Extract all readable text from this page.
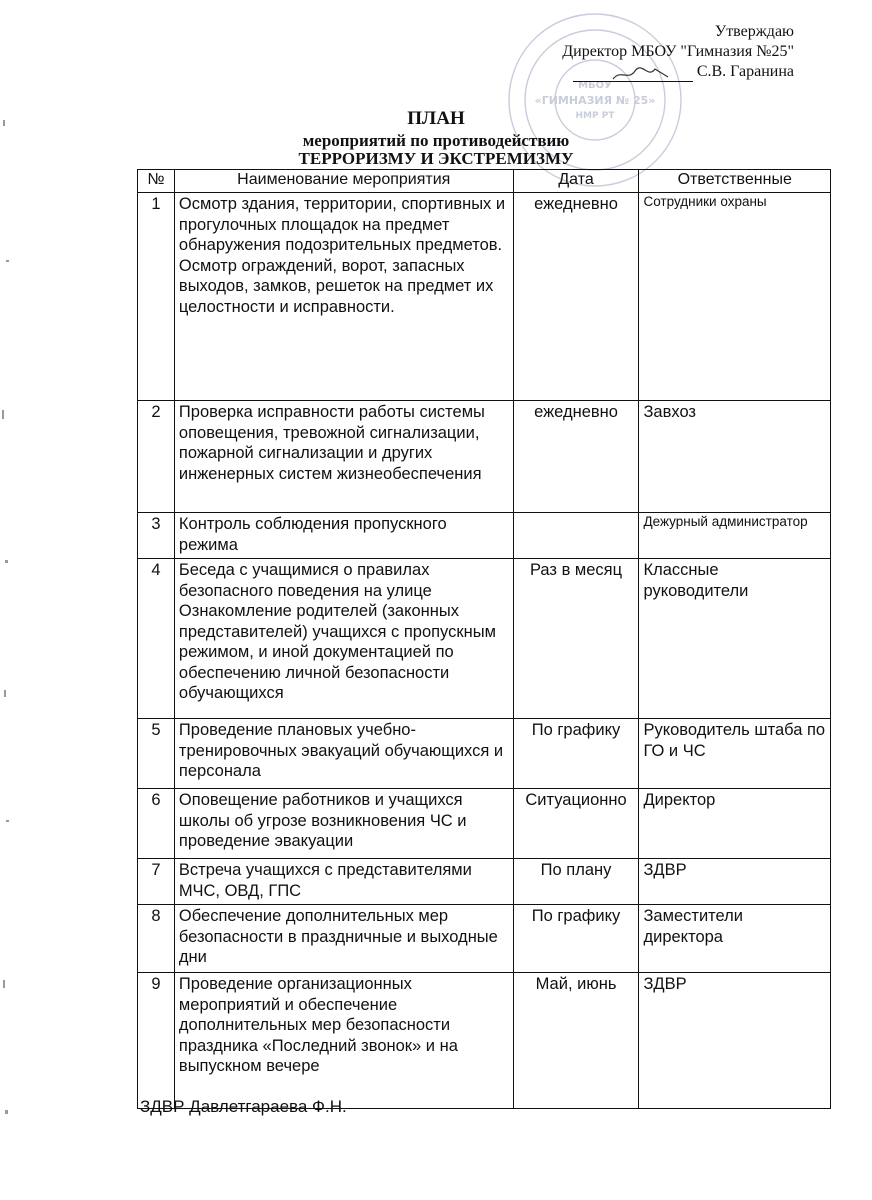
МБОУ
«ГИМНАЗИЯ № 25»
НМР РТ
Утверждаю
Директор МБОУ "Гимназия №25"
С.В. Гаранина
ПЛАН
мероприятий по противодействию
ТЕРРОРИЗМУ И ЭКСТРЕМИЗМУ
№	Наименование мероприятия	Дата	Ответственные
1	Осмотр здания, территории, спортивных и прогулочных площадок на предмет обнаружения подозрительных предметов. Осмотр ограждений, ворот, запасных выходов, замков, решеток на предмет их целостности и исправности.	ежедневно	Сотрудники охраны
2	Проверка исправности работы системы оповещения, тревожной сигнализации, пожарной сигнализации и других инженерных систем жизнеобеспечения	ежедневно	Завхоз
3	Контроль соблюдения пропускного режима		Дежурный администратор
4	Беседа с учащимися о правилах безопасного поведения на улице Ознакомление родителей (законных представителей) учащихся с пропускным режимом, и иной документацией по обеспечению личной безопасности обучающихся	Раз в месяц	Классные руководители
5	Проведение плановых учебно-тренировочных эвакуаций обучающихся и персонала	По графику	Руководитель штаба по ГО и ЧС
6	Оповещение работников и учащихся школы об угрозе возникновения ЧС и проведение эвакуации	Ситуационно	Директор
7	Встреча учащихся с представителями МЧС, ОВД, ГПС	По плану	ЗДВР
8	Обеспечение дополнительных мер безопасности в праздничные и выходные дни	По графику	Заместители директора
9	Проведение организационных мероприятий и обеспечение дополнительных мер безопасности праздника «Последний звонок» и на выпускном вечере	Май, июнь	ЗДВР
ЗДВР Давлетгараева Ф.Н.
